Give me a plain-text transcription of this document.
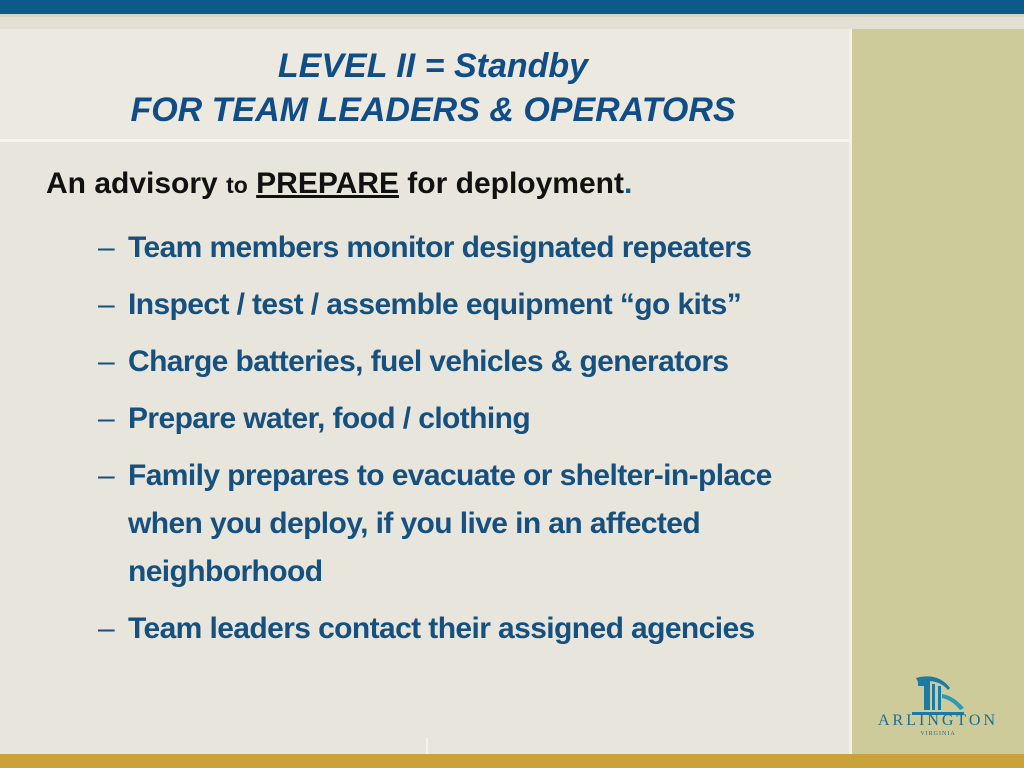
LEVEL II = Standby
FOR TEAM LEADERS & OPERATORS
An advisory to PREPARE for deployment.
– Team members monitor designated repeaters
– Inspect / test / assemble equipment “go kits”
– Charge batteries, fuel vehicles & generators
– Prepare water, food / clothing
– Family prepares to evacuate or shelter-in-place when you deploy, if you live in an affected neighborhood
– Team leaders contact their assigned agencies
ARLINGTON
VIRGINIA
